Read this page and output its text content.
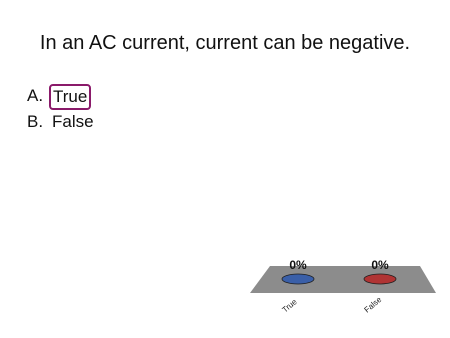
In an AC current, current can be negative.
A. True
B. False
0%
True
0%
False
